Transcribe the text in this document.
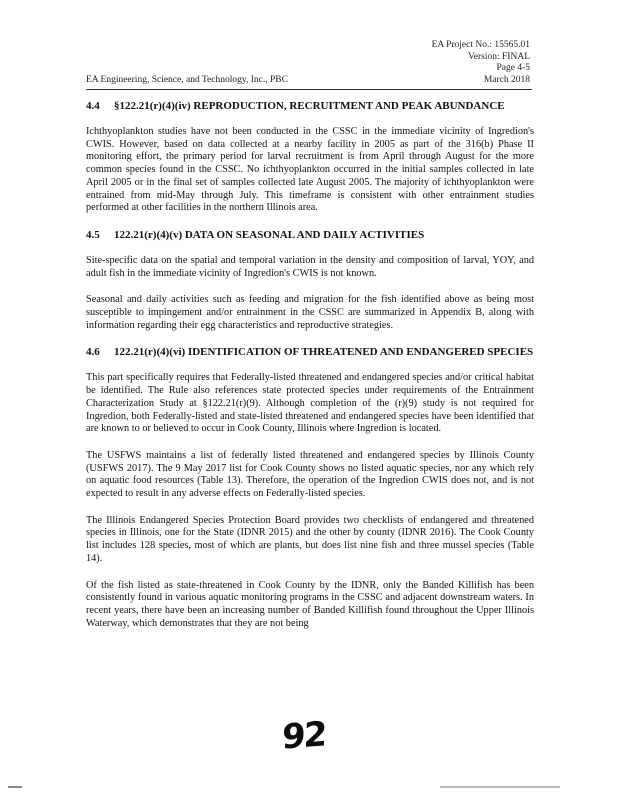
EA Project No.: 15565.01
Version: FINAL
Page 4-5
March 2018
EA Engineering, Science, and Technology, Inc., PBC
4.4	§122.21(r)(4)(iv) REPRODUCTION, RECRUITMENT AND PEAK ABUNDANCE

Ichthyoplankton studies have not been conducted in the CSSC in the immediate vicinity of Ingredion's CWIS. However, based on data collected at a nearby facility in 2005 as part of the 316(b) Phase II monitoring effort, the primary period for larval recruitment is from April through August for the more common species found in the CSSC. No ichthyoplankton occurred in the initial samples collected in late April 2005 or in the final set of samples collected late August 2005. The majority of ichthyoplankton were entrained from mid-May through July. This timeframe is consistent with other entrainment studies performed at other facilities in the northern Illinois area.

4.5	122.21(r)(4)(v) DATA ON SEASONAL AND DAILY ACTIVITIES

Site-specific data on the spatial and temporal variation in the density and composition of larval, YOY, and adult fish in the immediate vicinity of Ingredion's CWIS is not known.

Seasonal and daily activities such as feeding and migration for the fish identified above as being most susceptible to impingement and/or entrainment in the CSSC are summarized in Appendix B, along with information regarding their egg characteristics and reproductive strategies.

4.6	122.21(r)(4)(vi) IDENTIFICATION OF THREATENED AND ENDANGERED SPECIES

This part specifically requires that Federally-listed threatened and endangered species and/or critical habitat be identified. The Rule also references state protected species under requirements of the Entrainment Characterization Study at §122.21(r)(9). Although completion of the (r)(9) study is not required for Ingredion, both Federally-listed and state-listed threatened and endangered species have been identified that are known to or believed to occur in Cook County, Illinois where Ingredion is located.

The USFWS maintains a list of federally listed threatened and endangered species by Illinois County (USFWS 2017). The 9 May 2017 list for Cook County shows no listed aquatic species, nor any which rely on aquatic food resources (Table 13). Therefore, the operation of the Ingredion CWIS does not, and is not expected to result in any adverse effects on Federally-listed species.

The Illinois Endangered Species Protection Board provides two checklists of endangered and threatened species in Illinois, one for the State (IDNR 2015) and the other by county (IDNR 2016). The Cook County list includes 128 species, most of which are plants, but does list nine fish and three mussel species (Table 14).

Of the fish listed as state-threatened in Cook County by the IDNR, only the Banded Killifish has been consistently found in various aquatic monitoring programs in the CSSC and adjacent downstream waters. In recent years, there have been an increasing number of Banded Killifish found throughout the Upper Illinois Waterway, which demonstrates that they are not being

92
